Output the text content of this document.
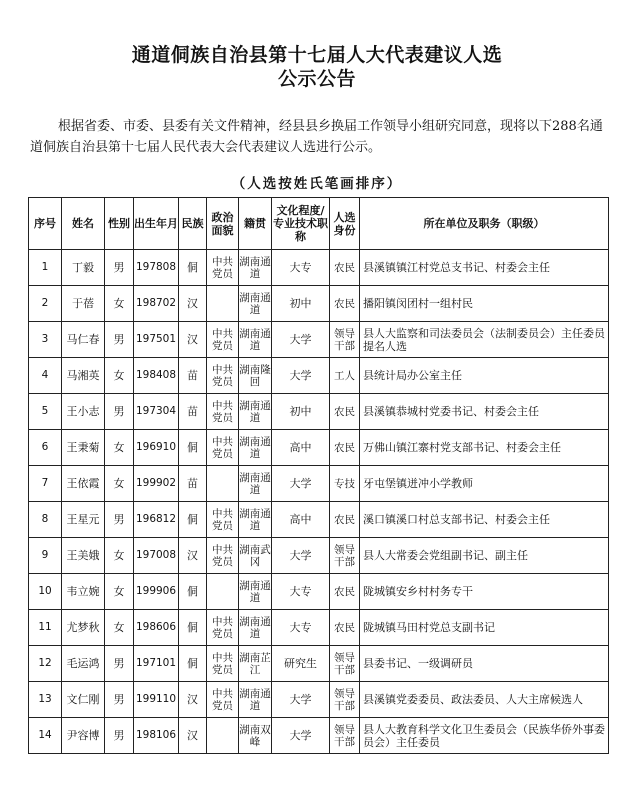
通道侗族自治县第十七届人大代表建议人选
公示公告
根据省委、市委、县委有关文件精神，经县县乡换届工作领导小组研究同意，现将以下288名通道侗族自治县第十七届人民代表大会代表建议人选进行公示。
（人选按姓氏笔画排序）
序号	姓名	性别	出生年月	民族	政治面貌	籍贯	文化程度/专业技术职称	人选身份	所在单位及职务（职级）
1	丁毅	男	197808	侗	中共党员	湖南通道	大专	农民	县溪镇镇江村党总支书记、村委会主任
2	于蓓	女	198702	汉		湖南通道	初中	农民	播阳镇闵团村一组村民
3	马仁春	男	197501	汉	中共党员	湖南通道	大学	领导干部	县人大监察和司法委员会（法制委员会）主任委员提名人选
4	马湘英	女	198408	苗	中共党员	湖南隆回	大学	工人	县统计局办公室主任
5	王小志	男	197304	苗	中共党员	湖南通道	初中	农民	县溪镇恭城村党委书记、村委会主任
6	王秉菊	女	196910	侗	中共党员	湖南通道	高中	农民	万佛山镇江寨村党支部书记、村委会主任
7	王依霞	女	199902	苗		湖南通道	大学	专技	牙屯堡镇迸冲小学教师
8	王星元	男	196812	侗	中共党员	湖南通道	高中	农民	溪口镇溪口村总支部书记、村委会主任
9	王美娥	女	197008	汉	中共党员	湖南武冈	大学	领导干部	县人大常委会党组副书记、副主任
10	韦立婉	女	199906	侗		湖南通道	大专	农民	陇城镇安乡村村务专干
11	尤梦秋	女	198606	侗	中共党员	湖南通道	大专	农民	陇城镇马田村党总支副书记
12	毛运鸿	男	197101	侗	中共党员	湖南芷江	研究生	领导干部	县委书记、一级调研员
13	文仁刚	男	199110	汉	中共党员	湖南通道	大学	领导干部	县溪镇党委委员、政法委员、人大主席候选人
14	尹容博	男	198106	汉		湖南双峰	大学	领导干部	县人大教育科学文化卫生委员会（民族华侨外事委员会）主任委员
